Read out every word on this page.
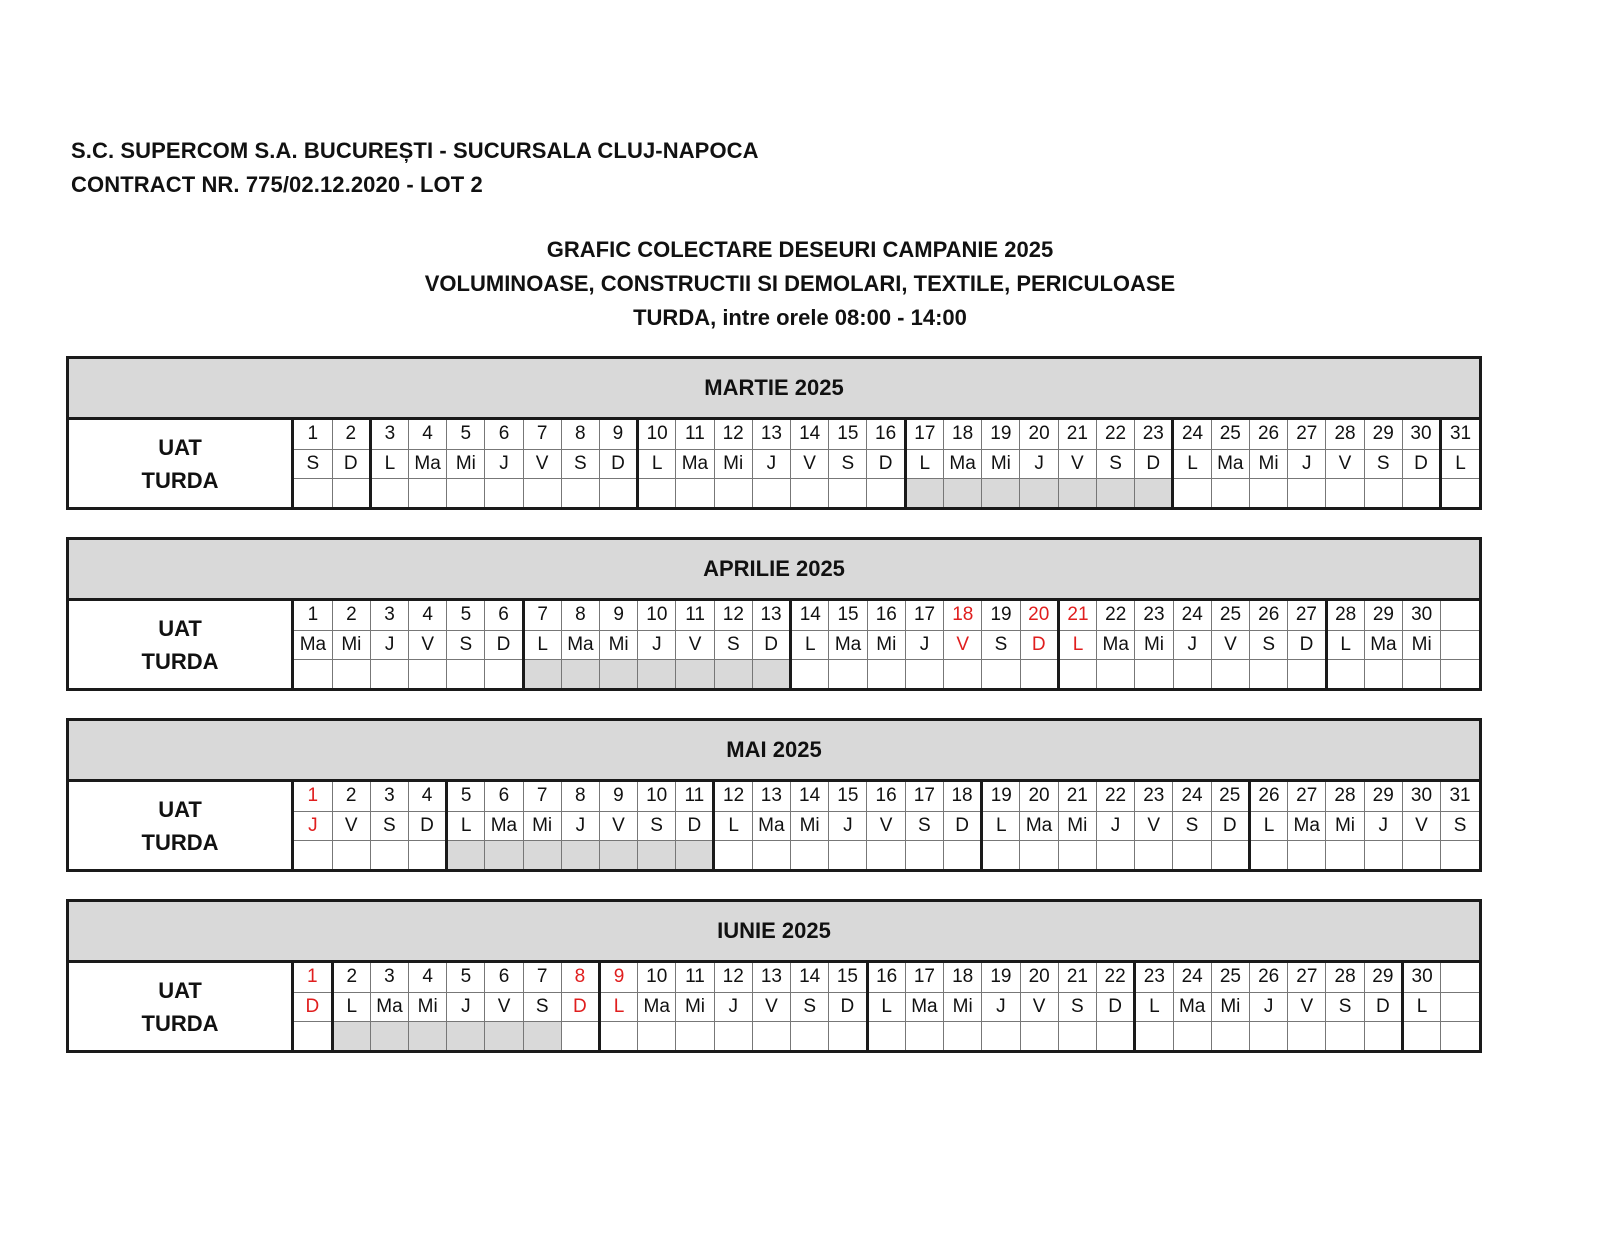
S.C. SUPERCOM S.A. BUCUREȘTI - SUCURSALA CLUJ-NAPOCA
CONTRACT NR. 775/02.12.2020 - LOT 2
GRAFIC COLECTARE DESEURI CAMPANIE 2025
VOLUMINOASE, CONSTRUCTII SI DEMOLARI, TEXTILE, PERICULOASE
TURDA, intre orele 08:00 - 14:00
MARTIE 2025
UAT
TURDA
1	2	3	4	5	6	7	8	9	10	11	12	13	14	15	16	17	18	19	20	21	22	23	24	25	26	27	28	29	30	31
S	D	L	Ma	Mi	J	V	S	D	L	Ma	Mi	J	V	S	D	L	Ma	Mi	J	V	S	D	L	Ma	Mi	J	V	S	D	L

APRILIE 2025
UAT
TURDA
1	2	3	4	5	6	7	8	9	10	11	12	13	14	15	16	17	18	19	20	21	22	23	24	25	26	27	28	29	30	
Ma	Mi	J	V	S	D	L	Ma	Mi	J	V	S	D	L	Ma	Mi	J	V	S	D	L	Ma	Mi	J	V	S	D	L	Ma	Mi	

MAI 2025
UAT
TURDA
1	2	3	4	5	6	7	8	9	10	11	12	13	14	15	16	17	18	19	20	21	22	23	24	25	26	27	28	29	30	31
J	V	S	D	L	Ma	Mi	J	V	S	D	L	Ma	Mi	J	V	S	D	L	Ma	Mi	J	V	S	D	L	Ma	Mi	J	V	S

IUNIE 2025
UAT
TURDA
1	2	3	4	5	6	7	8	9	10	11	12	13	14	15	16	17	18	19	20	21	22	23	24	25	26	27	28	29	30	
D	L	Ma	Mi	J	V	S	D	L	Ma	Mi	J	V	S	D	L	Ma	Mi	J	V	S	D	L	Ma	Mi	J	V	S	D	L	
